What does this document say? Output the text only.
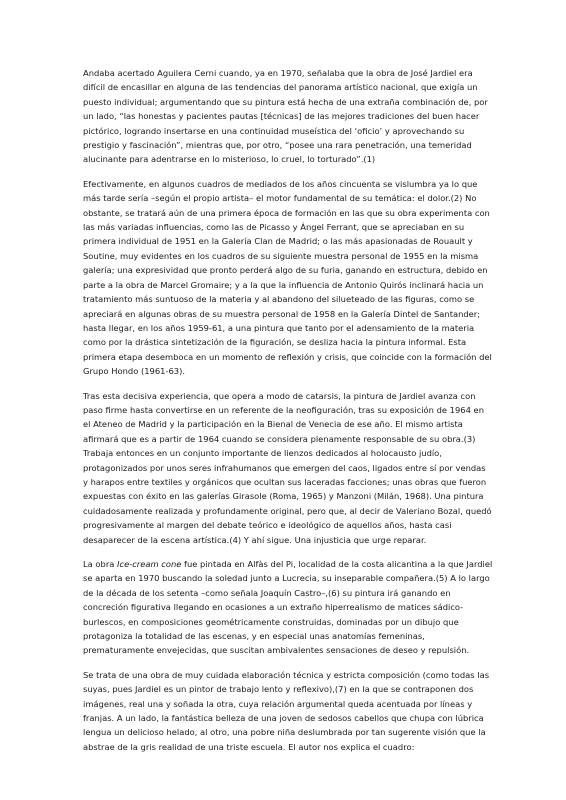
Andaba acertado Aguilera Cerni cuando, ya en 1970, señalaba que la obra de José Jardiel era difícil de encasillar en alguna de las tendencias del panorama artístico nacional, que exigía un puesto individual; argumentando que su pintura está hecha de una extraña combinación de, por un lado, “las honestas y pacientes pautas [técnicas] de las mejores tradiciones del buen hacer pictórico, logrando insertarse en una continuidad museística del ‘oficio’ y aprovechando su prestigio y fascinación”, mientras que, por otro, “posee una rara penetración, una temeridad alucinante para adentrarse en lo misterioso, lo cruel, lo torturado”.(1)

Efectivamente, en algunos cuadros de mediados de los años cincuenta se vislumbra ya lo que más tarde sería –según el propio artista– el motor fundamental de su temática: el dolor.(2) No obstante, se tratará aún de una primera época de formación en las que su obra experimenta con las más variadas influencias, como las de Picasso y Ángel Ferrant, que se apreciaban en su primera individual de 1951 en la Galería Clan de Madrid; o las más apasionadas de Rouault y Soutine, muy evidentes en los cuadros de su siguiente muestra personal de 1955 en la misma galería; una expresividad que pronto perderá algo de su furia, ganando en estructura, debido en parte a la obra de Marcel Gromaire; y a la que la influencia de Antonio Quirós inclinará hacia un tratamiento más suntuoso de la materia y al abandono del silueteado de las figuras, como se apreciará en algunas obras de su muestra personal de 1958 en la Galería Dintel de Santander; hasta llegar, en los años 1959-61, a una pintura que tanto por el adensamiento de la materia como por la drástica sintetización de la figuración, se desliza hacia la pintura informal. Esta primera etapa desemboca en un momento de reflexión y crisis, que coincide con la formación del Grupo Hondo (1961-63).

Tras esta decisiva experiencia, que opera a modo de catarsis, la pintura de Jardiel avanza con paso firme hasta convertirse en un referente de la neofiguración, tras su exposición de 1964 en el Ateneo de Madrid y la participación en la Bienal de Venecia de ese año. El mismo artista afirmará que es a partir de 1964 cuando se considera plenamente responsable de su obra.(3) Trabaja entonces en un conjunto importante de lienzos dedicados al holocausto judío, protagonizados por unos seres infrahumanos que emergen del caos, ligados entre sí por vendas y harapos entre textiles y orgánicos que ocultan sus laceradas facciones; unas obras que fueron expuestas con éxito en las galerías Girasole (Roma, 1965) y Manzoni (Milán, 1968). Una pintura cuidadosamente realizada y profundamente original, pero que, al decir de Valeriano Bozal, quedó progresivamente al margen del debate teórico e ideológico de aquellos años, hasta casi desaparecer de la escena artística.(4) Y ahí sigue. Una injusticia que urge reparar.

La obra Ice-cream cone fue pintada en Alfàs del Pi, localidad de la costa alicantina a la que Jardiel se aparta en 1970 buscando la soledad junto a Lucrecia, su inseparable compañera.(5) A lo largo de la década de los setenta –como señala Joaquín Castro–,(6) su pintura irá ganando en concreción figurativa llegando en ocasiones a un extraño hiperrealismo de matices sádico-burlescos, en composiciones geométricamente construidas, dominadas por un dibujo que protagoniza la totalidad de las escenas, y en especial unas anatomías femeninas, prematuramente envejecidas, que suscitan ambivalentes sensaciones de deseo y repulsión.

Se trata de una obra de muy cuidada elaboración técnica y estricta composición (como todas las suyas, pues Jardiel es un pintor de trabajo lento y reflexivo),(7) en la que se contraponen dos imágenes, real una y soñada la otra, cuya relación argumental queda acentuada por líneas y franjas. A un lado, la fantástica belleza de una joven de sedosos cabellos que chupa con lúbrica lengua un delicioso helado, al otro, una pobre niña deslumbrada por tan sugerente visión que la abstrae de la gris realidad de una triste escuela. El autor nos explica el cuadro:
